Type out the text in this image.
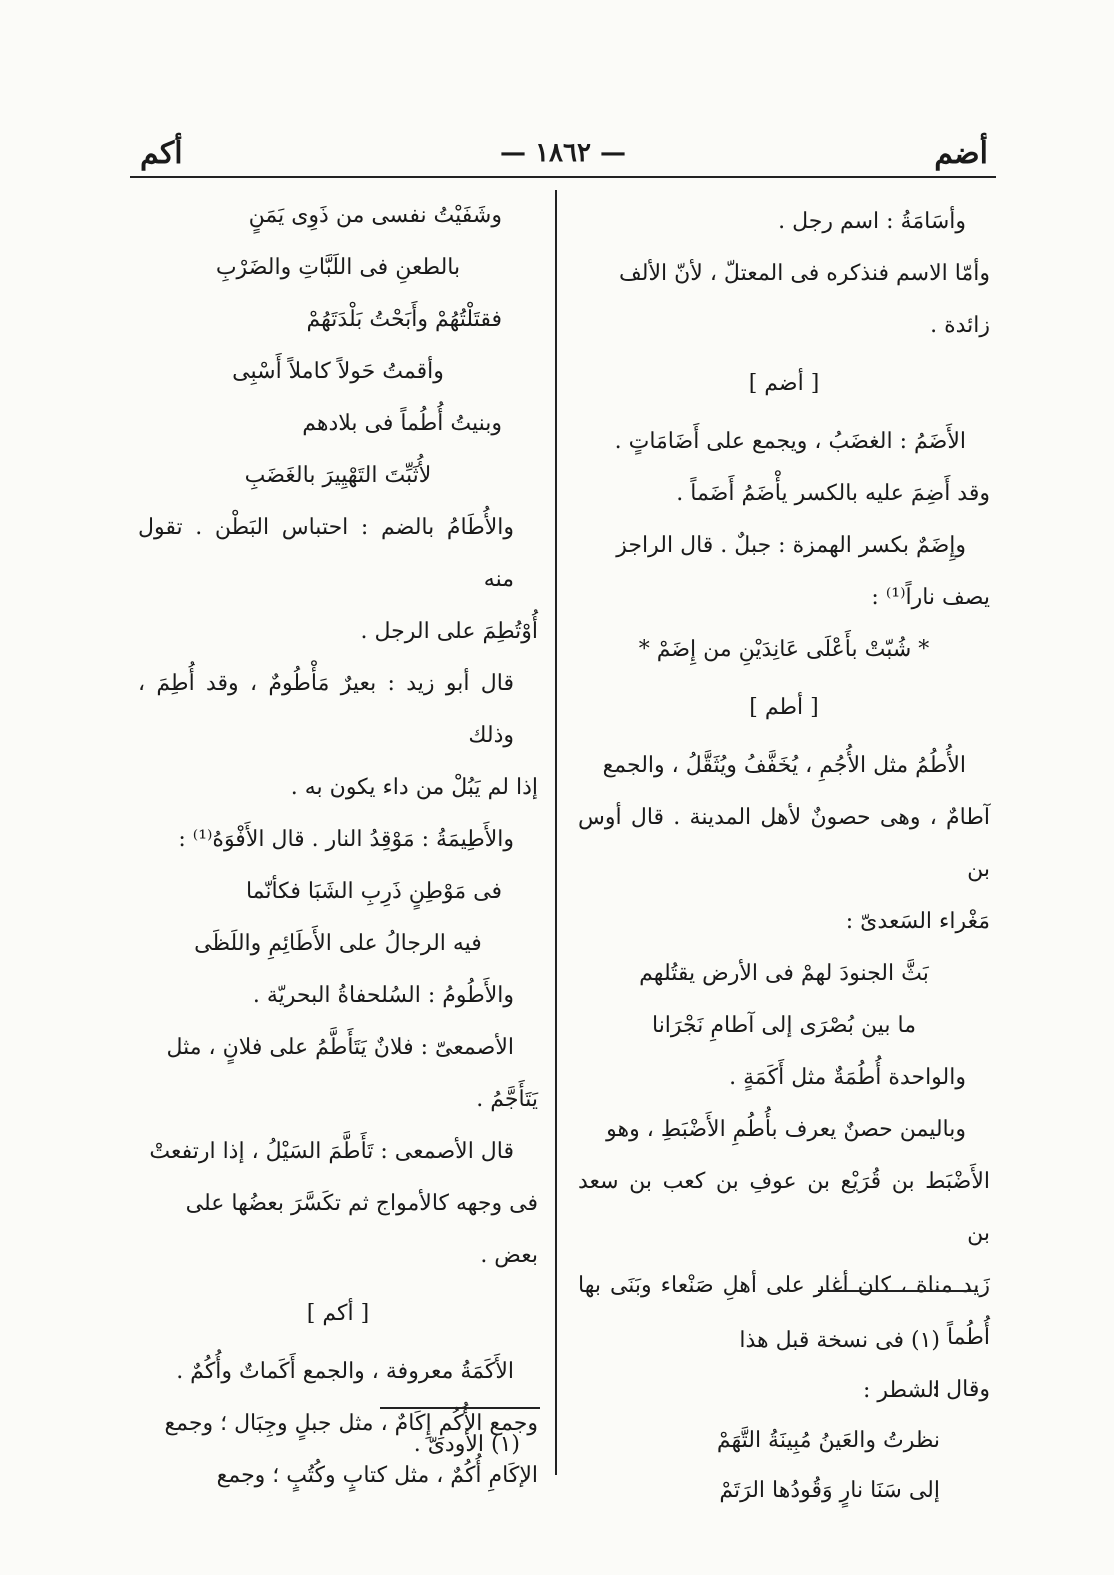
أضم
— ١٨٦٢ —
أكم

وأسَامَةُ : اسم رجل .

وأمّا الاسم فنذكره فى المعتلّ ، لأنّ الألف

زائدة .

[ أضم ]

الأَضَمُ : الغضَبُ ، ويجمع على أَضَامَاتٍ .

وقد أَضِمَ عليه بالكسر يأْضَمُ أَضَماً .

وإِضَمٌ بكسر الهمزة : جبلٌ . قال الراجز

يصف ناراً⁽¹⁾ :

* شُبّتْ بأَعْلَى عَانِدَيْنِ من إِضَمْ *

[ أطم ]

الأُطُمُ مثل الأُجُمِ ، يُخَفَّفُ ويُثَقَّلُ ، والجمع

آطامٌ ، وهى حصونٌ لأهل المدينة . قال أوس بن

مَغْراء السَعدىّ :

بَثَّ الجنودَ لهمْ فى الأرض يقتُلهم

ما بين بُصْرَى إلى آطامِ نَجْرَانا

والواحدة أُطُمَةٌ مثل أَكَمَةٍ .

وباليمن حصنٌ يعرف بأُطُمِ الأَضْبَطِ ، وهو

الأَضْبَط بن قُرَيْع بن عوفِ بن كعب بن سعد بن

زَيد مناة ، كان أغار على أهلِ صَنْعاء وبَنَى بها أُطُماً

وقال :

وشَفَيْتُ نفسى من ذَوِى يَمَنٍ

بالطعنِ فى اللَبَّاتِ والضَرْبِ

فقتَلْتُهُمْ وأَبَحْتُ بَلْدَتَهُمْ

وأقمتُ حَولاً كاملاً أَسْبِى

وبنيتُ أُطُماً فى بلادهم

لأُثَبِّتَ التَهْيِيرَ بالغَضَبِ

والأُطَامُ بالضم : احتباس البَطْن . تقول منه

أُوْتُطِمَ على الرجل .

قال أبو زيد : بعيرٌ مَأْطُومٌ ، وقد أُطِمَ ، وذلك

إذا لم يَبُلْ من داء يكون به .

والأَطِيمَةُ : مَوْقِدُ النار . قال الأَفْوَهُ⁽¹⁾ :

فى مَوْطِنٍ ذَرِبِ الشَبَا فكأنّما

فيه الرجالُ على الأَطَائِمِ واللَظَى

والأَطُومُ : السُلحفاةُ البحريّة .

الأصمعىّ : فلانٌ يَتَأَطَّمُ على فلانٍ ، مثل

يَتَأَجَّمُ .

قال الأصمعى : تَأَطَّمَ السَيْلُ ، إذا ارتفعتْ

فى وجهه كالأمواج ثم تكَسَّرَ بعضُها على بعض .

[ أكم ]

الأَكَمَةُ معروفة ، والجمع أَكَماتٌ وأُكُمٌ .

وجمع الأُكُمِ إِكَامٌ ، مثل جبلٍ وجِبَال ؛ وجمع

الإكَامِ أُكُمٌ ، مثل كتابٍ وكُتُبٍ ؛ وجمع

(١) فى نسخة قبل هذا الشطر :

نظرتُ والعَينُ مُبِينَةُ التَّهَمْ

إلى سَنَا نارٍ وَقُودُها الرَتَمْ

(١) الأودىّ .
